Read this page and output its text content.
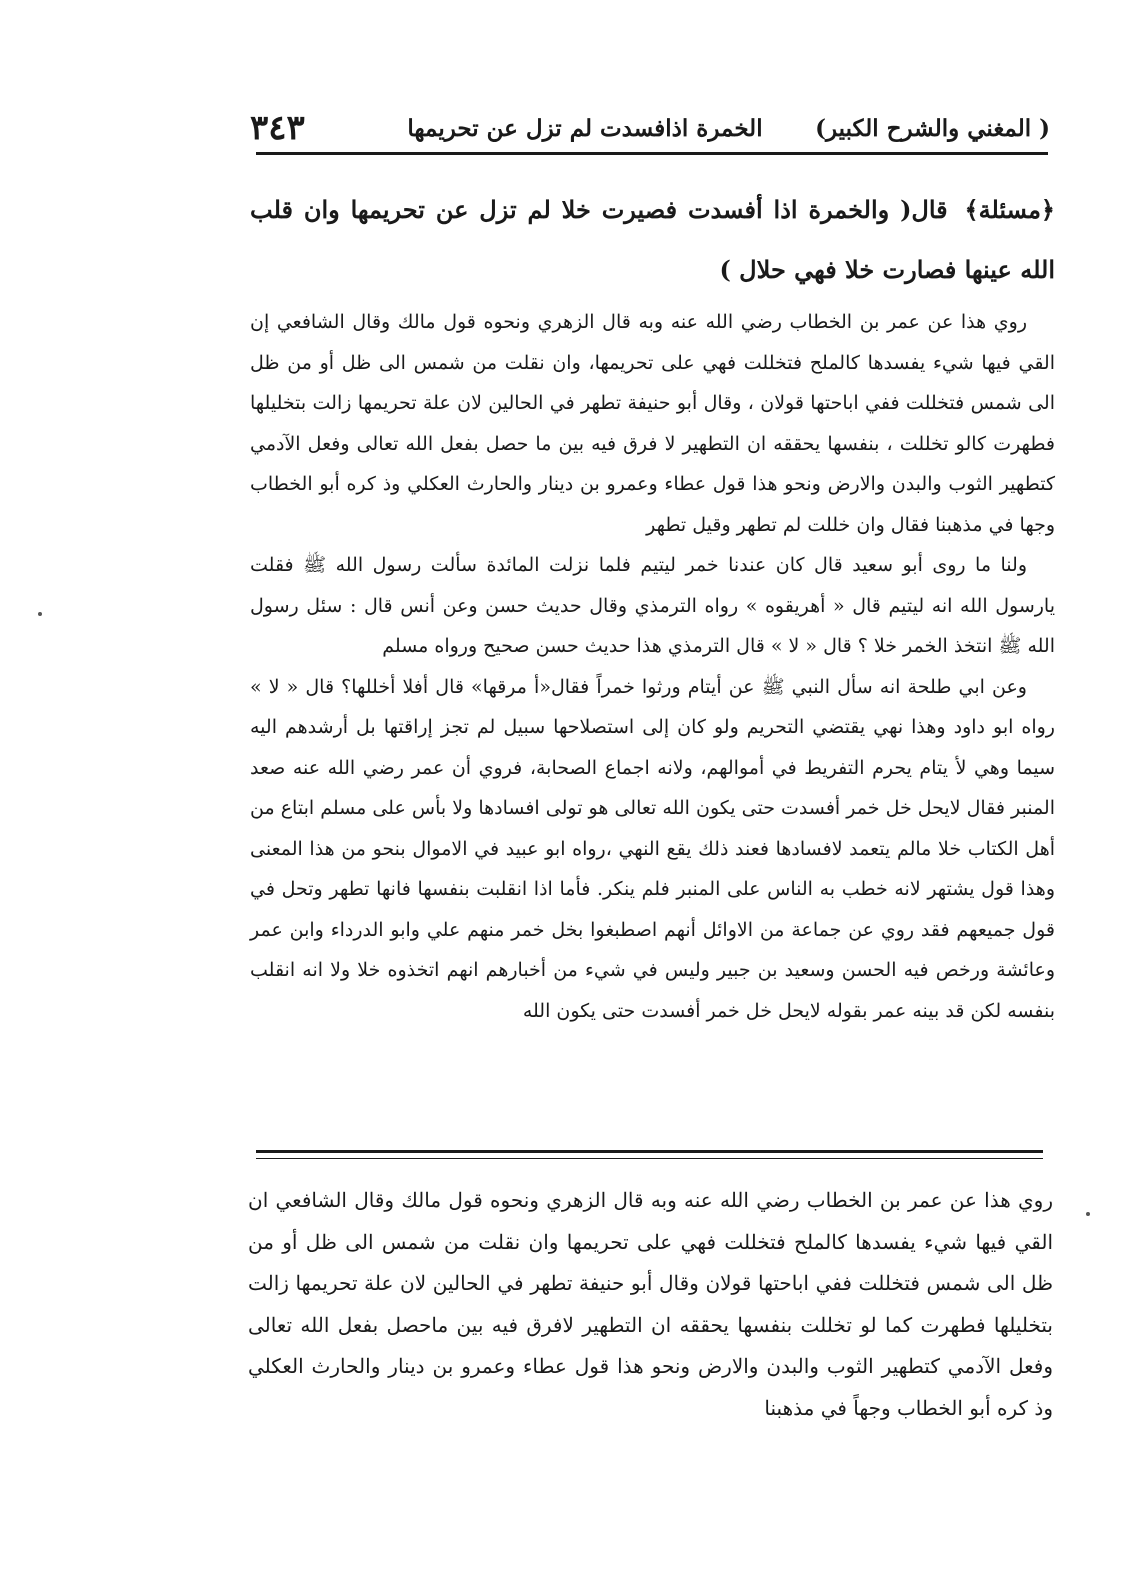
( المغني والشرح الكبير)
الخمرة اذافسدت لم تزل عن تحريمها
٣٤٣
﴿مسئلة﴾ قال( والخمرة اذا أفسدت فصيرت خلا لم تزل عن تحريمها وان قلب الله عينها فصارت خلا فهي حلال )

روي هذا عن عمر بن الخطاب رضي الله عنه وبه قال الزهري ونحوه قول مالك وقال الشافعي إن القي فيها شيء يفسدها كالملح فتخللت فهي على تحريمها، وان نقلت من شمس الى ظل أو من ظل الى شمس فتخللت ففي اباحتها قولان ، وقال أبو حنيفة تطهر في الحالين لان علة تحريمها زالت بتخليلها فطهرت كالو تخللت ، بنفسها يحققه ان التطهير لا فرق فيه بين ما حصل بفعل الله تعالى وفعل الآدمي كتطهير الثوب والبدن والارض ونحو هذا قول عطاء وعمرو بن دينار والحارث العكلي وذ كره أبو الخطاب وجها في مذهبنا فقال وان خللت لم تطهر وقيل تطهر

ولنا ما روى أبو سعيد قال كان عندنا خمر ليتيم فلما نزلت المائدة سألت رسول الله ﷺ فقلت يارسول الله انه ليتيم قال « أهريقوه » رواه الترمذي وقال حديث حسن وعن أنس قال : سئل رسول الله ﷺ انتخذ الخمر خلا ؟ قال « لا » قال الترمذي هذا حديث حسن صحيح ورواه مسلم

وعن ابي طلحة انه سأل النبي ﷺ عن أيتام ورثوا خمراً فقال«أ مرقها» قال أفلا أخللها؟ قال « لا » رواه ابو داود وهذا نهي يقتضي التحريم ولو كان إلى استصلاحها سبيل لم تجز إراقتها بل أرشدهم اليه سيما وهي لأ يتام يحرم التفريط في أموالهم، ولانه اجماع الصحابة، فروي أن عمر رضي الله عنه صعد المنبر فقال لايحل خل خمر أفسدت حتى يكون الله تعالى هو تولى افسادها ولا بأس على مسلم ابتاع من أهل الكتاب خلا مالم يتعمد لافسادها فعند ذلك يقع النهي ،رواه ابو عبيد في الاموال بنحو من هذا المعنى وهذا قول يشتهر لانه خطب به الناس على المنبر فلم ينكر. فأما اذا انقلبت بنفسها فانها تطهر وتحل في قول جميعهم فقد روي عن جماعة من الاوائل أنهم اصطبغوا بخل خمر منهم علي وابو الدرداء وابن عمر وعائشة ورخص فيه الحسن وسعيد بن جبير وليس في شيء من أخبارهم انهم اتخذوه خلا ولا انه انقلب بنفسه لكن قد بينه عمر بقوله لايحل خل خمر أفسدت حتى يكون الله

روي هذا عن عمر بن الخطاب رضي الله عنه وبه قال الزهري ونحوه قول مالك وقال الشافعي ان القي فيها شيء يفسدها كالملح فتخللت فهي على تحريمها وان نقلت من شمس الى ظل أو من ظل الى شمس فتخللت ففي اباحتها قولان وقال أبو حنيفة تطهر في الحالين لان علة تحريمها زالت بتخليلها فطهرت كما لو تخللت بنفسها يحققه ان التطهير لافرق فيه بين ماحصل بفعل الله تعالى وفعل الآدمي كتطهير الثوب والبدن والارض ونحو هذا قول عطاء وعمرو بن دينار والحارث العكلي وذ كره أبو الخطاب وجهاً في مذهبنا
